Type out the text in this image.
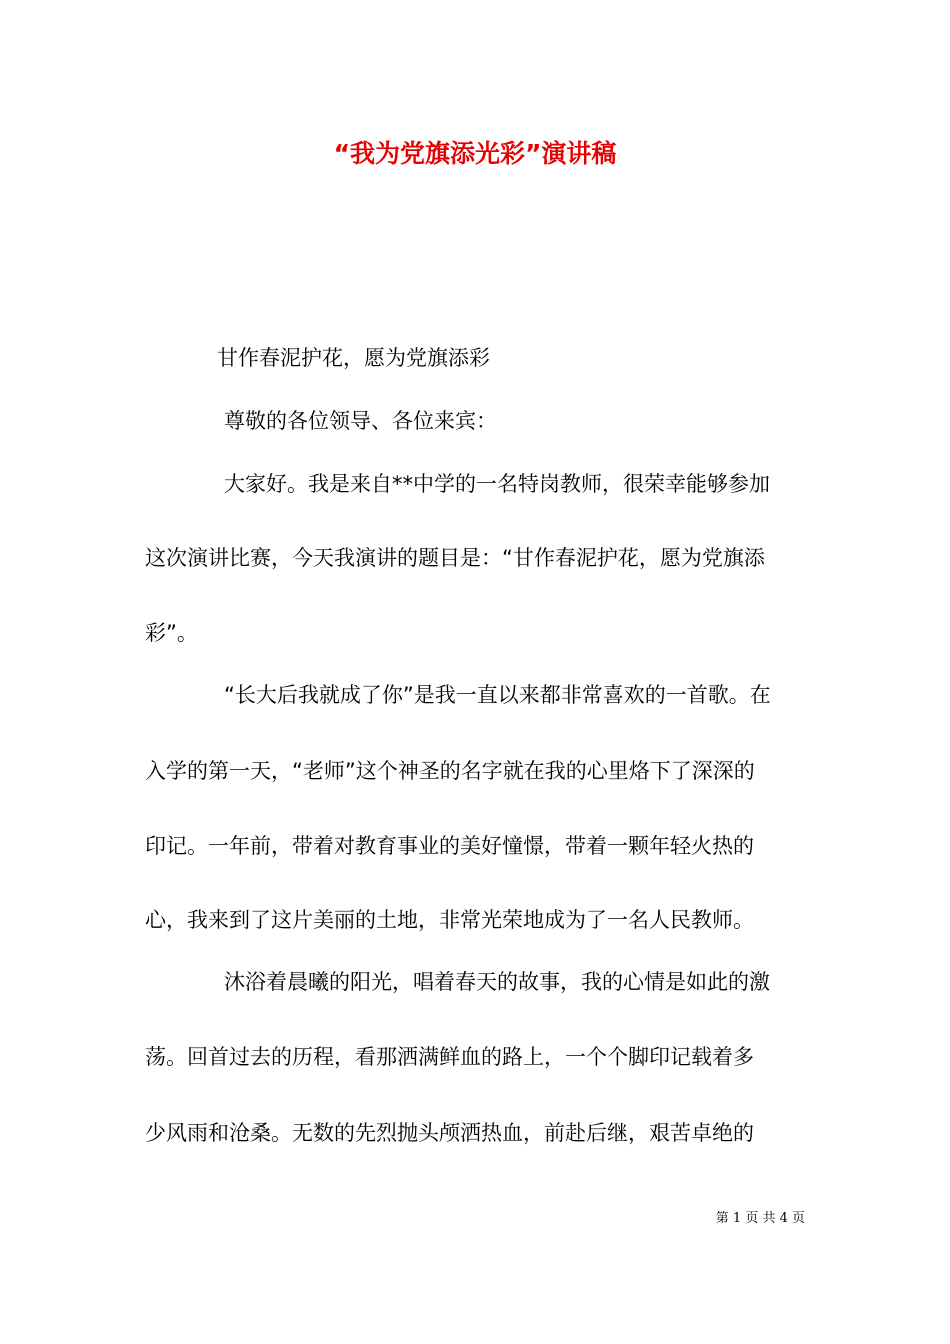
“我为党旗添光彩”演讲稿
甘作春泥护花，愿为党旗添彩
尊敬的各位领导、各位来宾：
大家好。我是来自**中学的一名特岗教师，很荣幸能够参加
这次演讲比赛，今天我演讲的题目是：“甘作春泥护花，愿为党旗添
彩”。
“长大后我就成了你”是我一直以来都非常喜欢的一首歌。在
入学的第一天，“老师”这个神圣的名字就在我的心里烙下了深深的
印记。一年前，带着对教育事业的美好憧憬，带着一颗年轻火热的
心，我来到了这片美丽的土地，非常光荣地成为了一名人民教师。
沐浴着晨曦的阳光，唱着春天的故事，我的心情是如此的激
荡。回首过去的历程，看那洒满鲜血的路上，一个个脚印记载着多
少风雨和沧桑。无数的先烈抛头颅洒热血，前赴后继，艰苦卓绝的
第 1 页 共 4 页
